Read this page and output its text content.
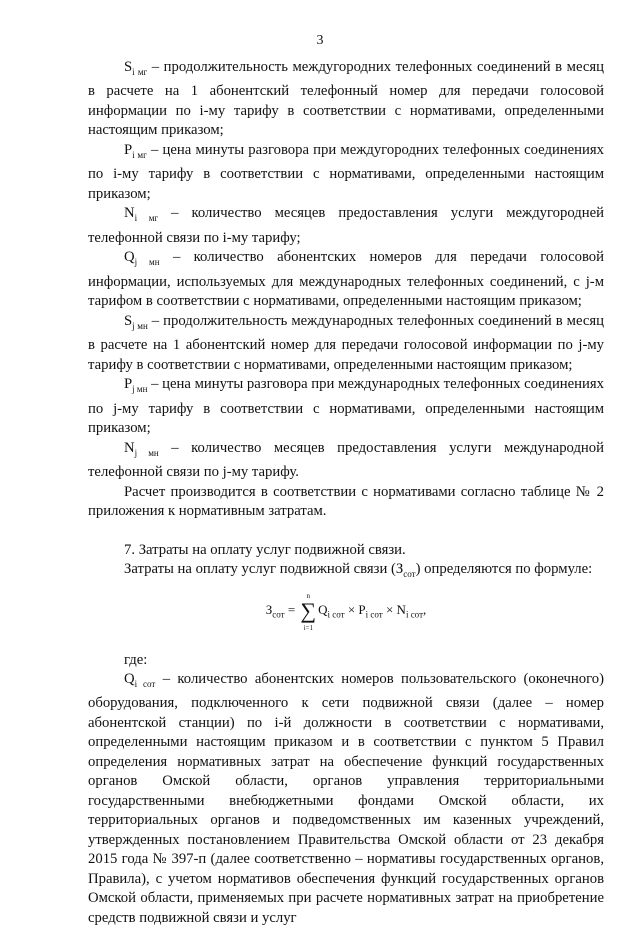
3

$S_{i мг}$ – продолжительность междугородних телефонных соединений в месяц в расчете на 1 абонентский телефонный номер для передачи голосовой информации по i-му тарифу в соответствии с нормативами, определенными настоящим приказом;

$P_{i мг}$ – цена минуты разговора при междугородних телефонных соединениях по i-му тарифу в соответствии с нормативами, определенными настоящим приказом;

$N_{i мг}$ – количество месяцев предоставления услуги междугородней телефонной связи по i-му тарифу;

$Q_{j мн}$ – количество абонентских номеров для передачи голосовой информации, используемых для международных телефонных соединений, с j-м тарифом в соответствии с нормативами, определенными настоящим приказом;

$S_{j мн}$ – продолжительность международных телефонных соединений в месяц в расчете на 1 абонентский номер для передачи голосовой информации по j-му тарифу в соответствии с нормативами, определенными настоящим приказом;

$P_{j мн}$ – цена минуты разговора при международных телефонных соединениях по j-му тарифу в соответствии с нормативами, определенными настоящим приказом;

$N_{j мн}$ – количество месяцев предоставления услуги международной телефонной связи по j-му тарифу.

Расчет производится в соответствии с нормативами согласно таблице № 2 приложения к нормативным затратам.

7. Затраты на оплату услуг подвижной связи.

Затраты на оплату услуг подвижной связи $(З_{сот})$ определяются по формуле:

$З_{сот} = n$
∑
$i=1Q_{i сот} \times P_{i сот} \times N_{i сот}$,

где:

$Q_{i сот}$ – количество абонентских номеров пользовательского (оконечного) оборудования, подключенного к сети подвижной связи (далее – номер абонентской станции) по i-й должности в соответствии с нормативами, определенными настоящим приказом и в соответствии с пунктом 5 Правил определения нормативных затрат на обеспечение функций государственных органов Омской области, органов управления территориальными государственными внебюджетными фондами Омской области, их территориальных органов и подведомственных им казенных учреждений, утвержденных постановлением Правительства Омской области от 23 декабря 2015 года № 397-п (далее соответственно – нормативы государственных органов, Правила), с учетом нормативов обеспечения функций государственных органов Омской области, применяемых при расчете нормативных затрат на приобретение средств подвижной связи и услуг
